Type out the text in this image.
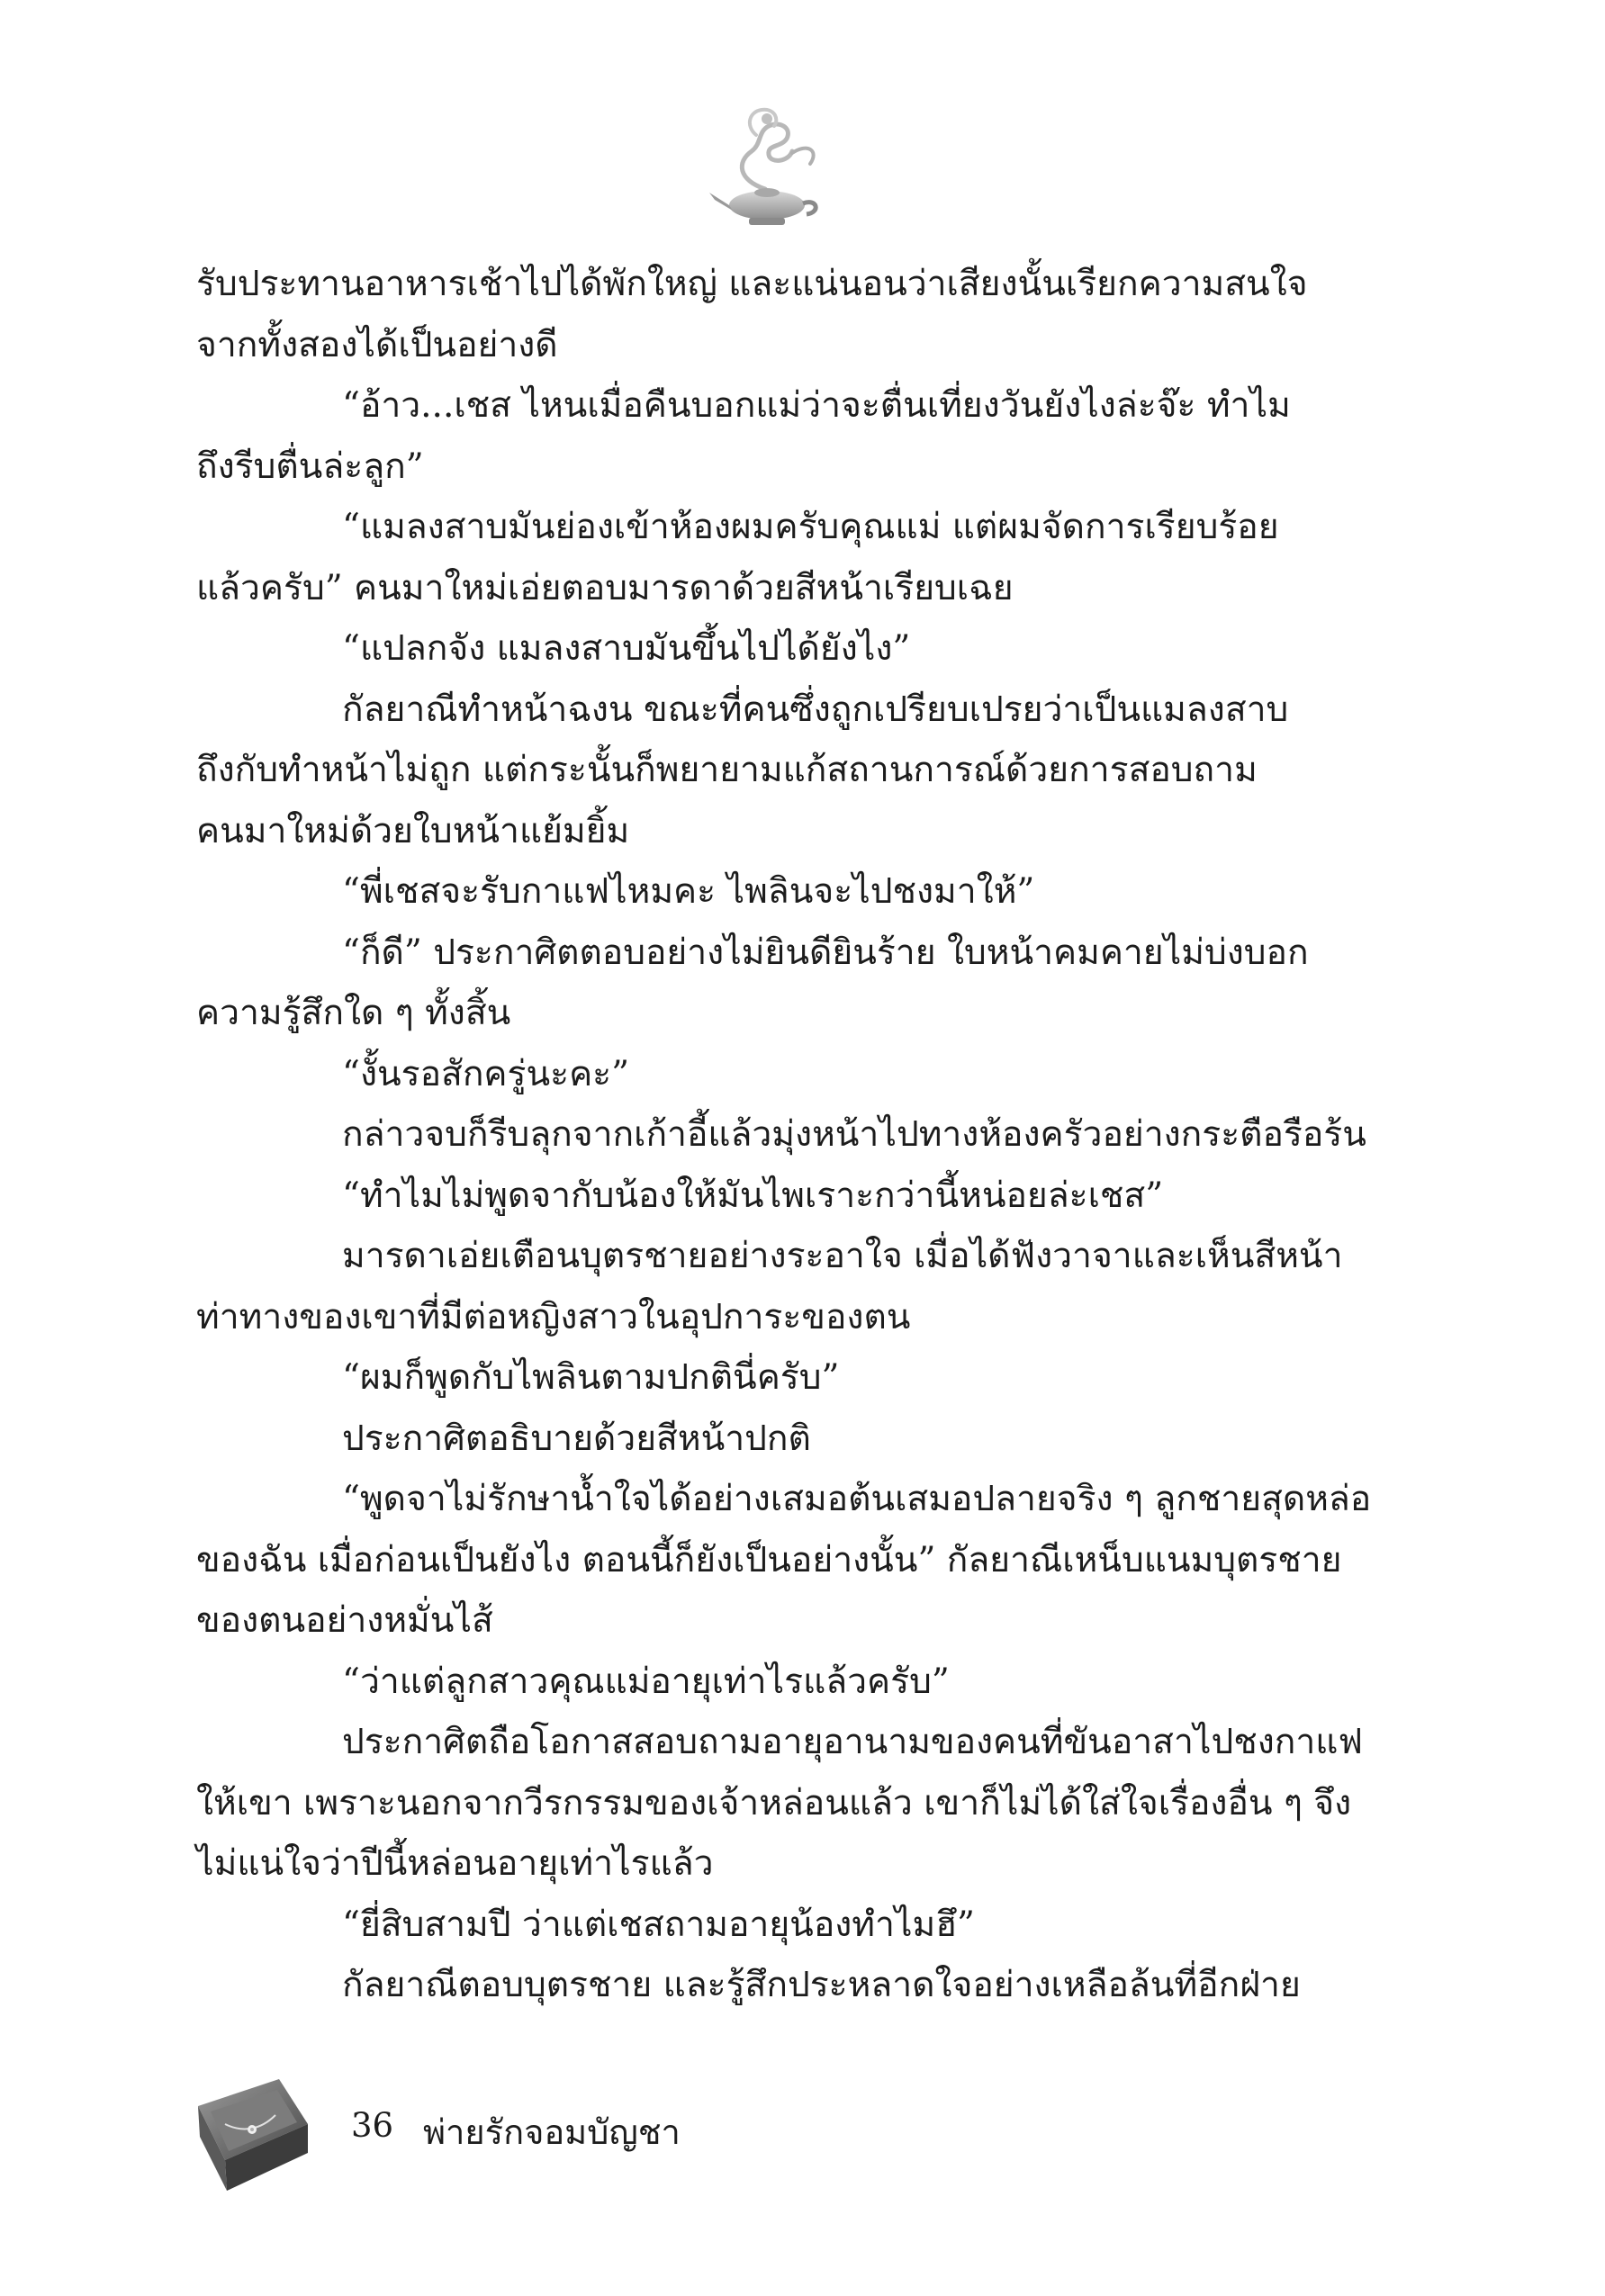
รับประทานอาหารเช้าไปได้พักใหญ่ และแน่นอนว่าเสียงนั้นเรียกความสนใจ
จากทั้งสองได้เป็นอย่างดี

“อ้าว...เชส ไหนเมื่อคืนบอกแม่ว่าจะตื่นเที่ยงวันยังไงล่ะจ๊ะ ทำไม
ถึงรีบตื่นล่ะลูก”

“แมลงสาบมันย่องเข้าห้องผมครับคุณแม่ แต่ผมจัดการเรียบร้อย
แล้วครับ” คนมาใหม่เอ่ยตอบมารดาด้วยสีหน้าเรียบเฉย

“แปลกจัง แมลงสาบมันขึ้นไปได้ยังไง”

กัลยาณีทำหน้าฉงน ขณะที่คนซึ่งถูกเปรียบเปรยว่าเป็นแมลงสาบ
ถึงกับทำหน้าไม่ถูก แต่กระนั้นก็พยายามแก้สถานการณ์ด้วยการสอบถาม
คนมาใหม่ด้วยใบหน้าแย้มยิ้ม

“พี่เชสจะรับกาแฟไหมคะ ไพลินจะไปชงมาให้”

“ก็ดี” ประกาศิตตอบอย่างไม่ยินดียินร้าย ใบหน้าคมคายไม่บ่งบอก
ความรู้สึกใด ๆ ทั้งสิ้น

“งั้นรอสักครู่นะคะ”

กล่าวจบก็รีบลุกจากเก้าอี้แล้วมุ่งหน้าไปทางห้องครัวอย่างกระตือรือร้น

“ทำไมไม่พูดจากับน้องให้มันไพเราะกว่านี้หน่อยล่ะเชส”

มารดาเอ่ยเตือนบุตรชายอย่างระอาใจ เมื่อได้ฟังวาจาและเห็นสีหน้า
ท่าทางของเขาที่มีต่อหญิงสาวในอุปการะของตน

“ผมก็พูดกับไพลินตามปกตินี่ครับ”

ประกาศิตอธิบายด้วยสีหน้าปกติ

“พูดจาไม่รักษาน้ำใจได้อย่างเสมอต้นเสมอปลายจริง ๆ ลูกชายสุดหล่อ
ของฉัน เมื่อก่อนเป็นยังไง ตอนนี้ก็ยังเป็นอย่างนั้น” กัลยาณีเหน็บแนมบุตรชาย
ของตนอย่างหมั่นไส้

“ว่าแต่ลูกสาวคุณแม่อายุเท่าไรแล้วครับ”

ประกาศิตถือโอกาสสอบถามอายุอานามของคนที่ขันอาสาไปชงกาแฟ
ให้เขา เพราะนอกจากวีรกรรมของเจ้าหล่อนแล้ว เขาก็ไม่ได้ใส่ใจเรื่องอื่น ๆ จึง
ไม่แน่ใจว่าปีนี้หล่อนอายุเท่าไรแล้ว

“ยี่สิบสามปี ว่าแต่เชสถามอายุน้องทำไมฮึ”

กัลยาณีตอบบุตรชาย และรู้สึกประหลาดใจอย่างเหลือล้นที่อีกฝ่าย

36 พ่ายรักจอมบัญชา
